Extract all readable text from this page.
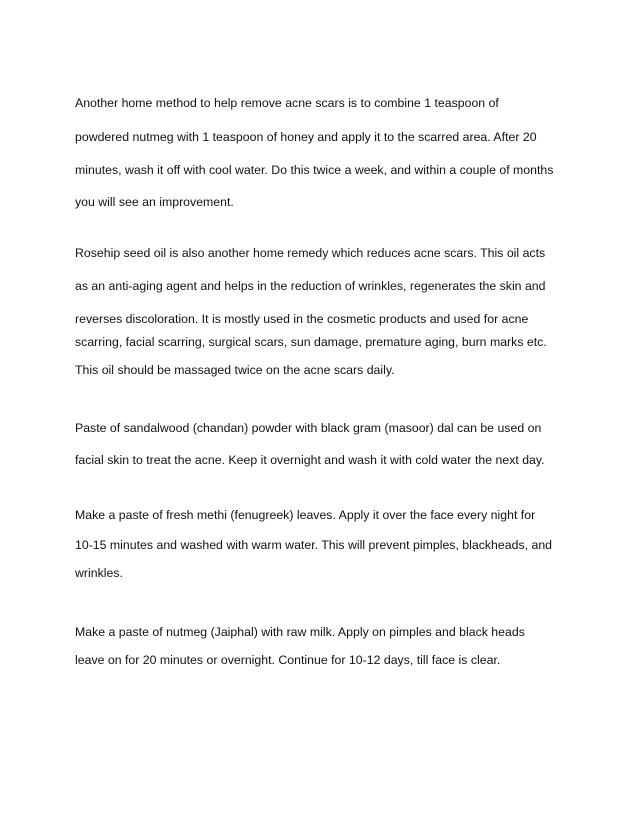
Another home method to help remove acne scars is to combine 1 teaspoon of
powdered nutmeg with 1 teaspoon of honey and apply it to the scarred area. After 20
minutes, wash it off with cool water. Do this twice a week, and within a couple of months
you will see an improvement.
Rosehip seed oil is also another home remedy which reduces acne scars. This oil acts
as an anti-aging agent and helps in the reduction of wrinkles, regenerates the skin and
reverses discoloration. It is mostly used in the cosmetic products and used for acne
scarring, facial scarring, surgical scars, sun damage, premature aging, burn marks etc.
This oil should be massaged twice on the acne scars daily.
Paste of sandalwood (chandan) powder with black gram (masoor) dal can be used on
facial skin to treat the acne. Keep it overnight and wash it with cold water the next day.
Make a paste of fresh methi (fenugreek) leaves. Apply it over the face every night for
10-15 minutes and washed with warm water. This will prevent pimples, blackheads, and
wrinkles.
Make a paste of nutmeg (Jaiphal) with raw milk. Apply on pimples and black heads
leave on for 20 minutes or overnight. Continue for 10-12 days, till face is clear.
